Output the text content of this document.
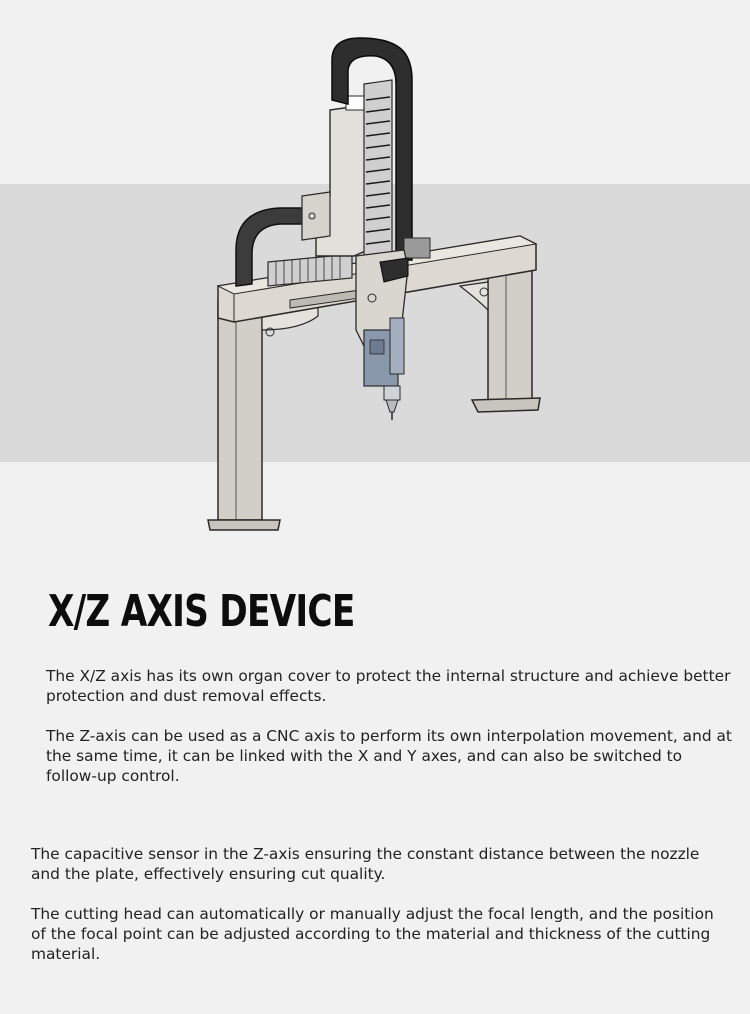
X/Z AXIS DEVICE

The X/Z axis has its own organ cover to protect the internal structure and achieve better protection and dust removal effects.

The Z-axis can be used as a CNC axis to perform its own interpolation movement, and at the same time, it can be linked with the X and Y axes, and can also be switched to follow-up control.

The capacitive sensor in the Z-axis ensuring the constant distance between the nozzle and the plate, effectively ensuring cut quality.

The cutting head can automatically or manually adjust the focal length, and the position of the focal point can be adjusted according to the material and thickness of the cutting material.
